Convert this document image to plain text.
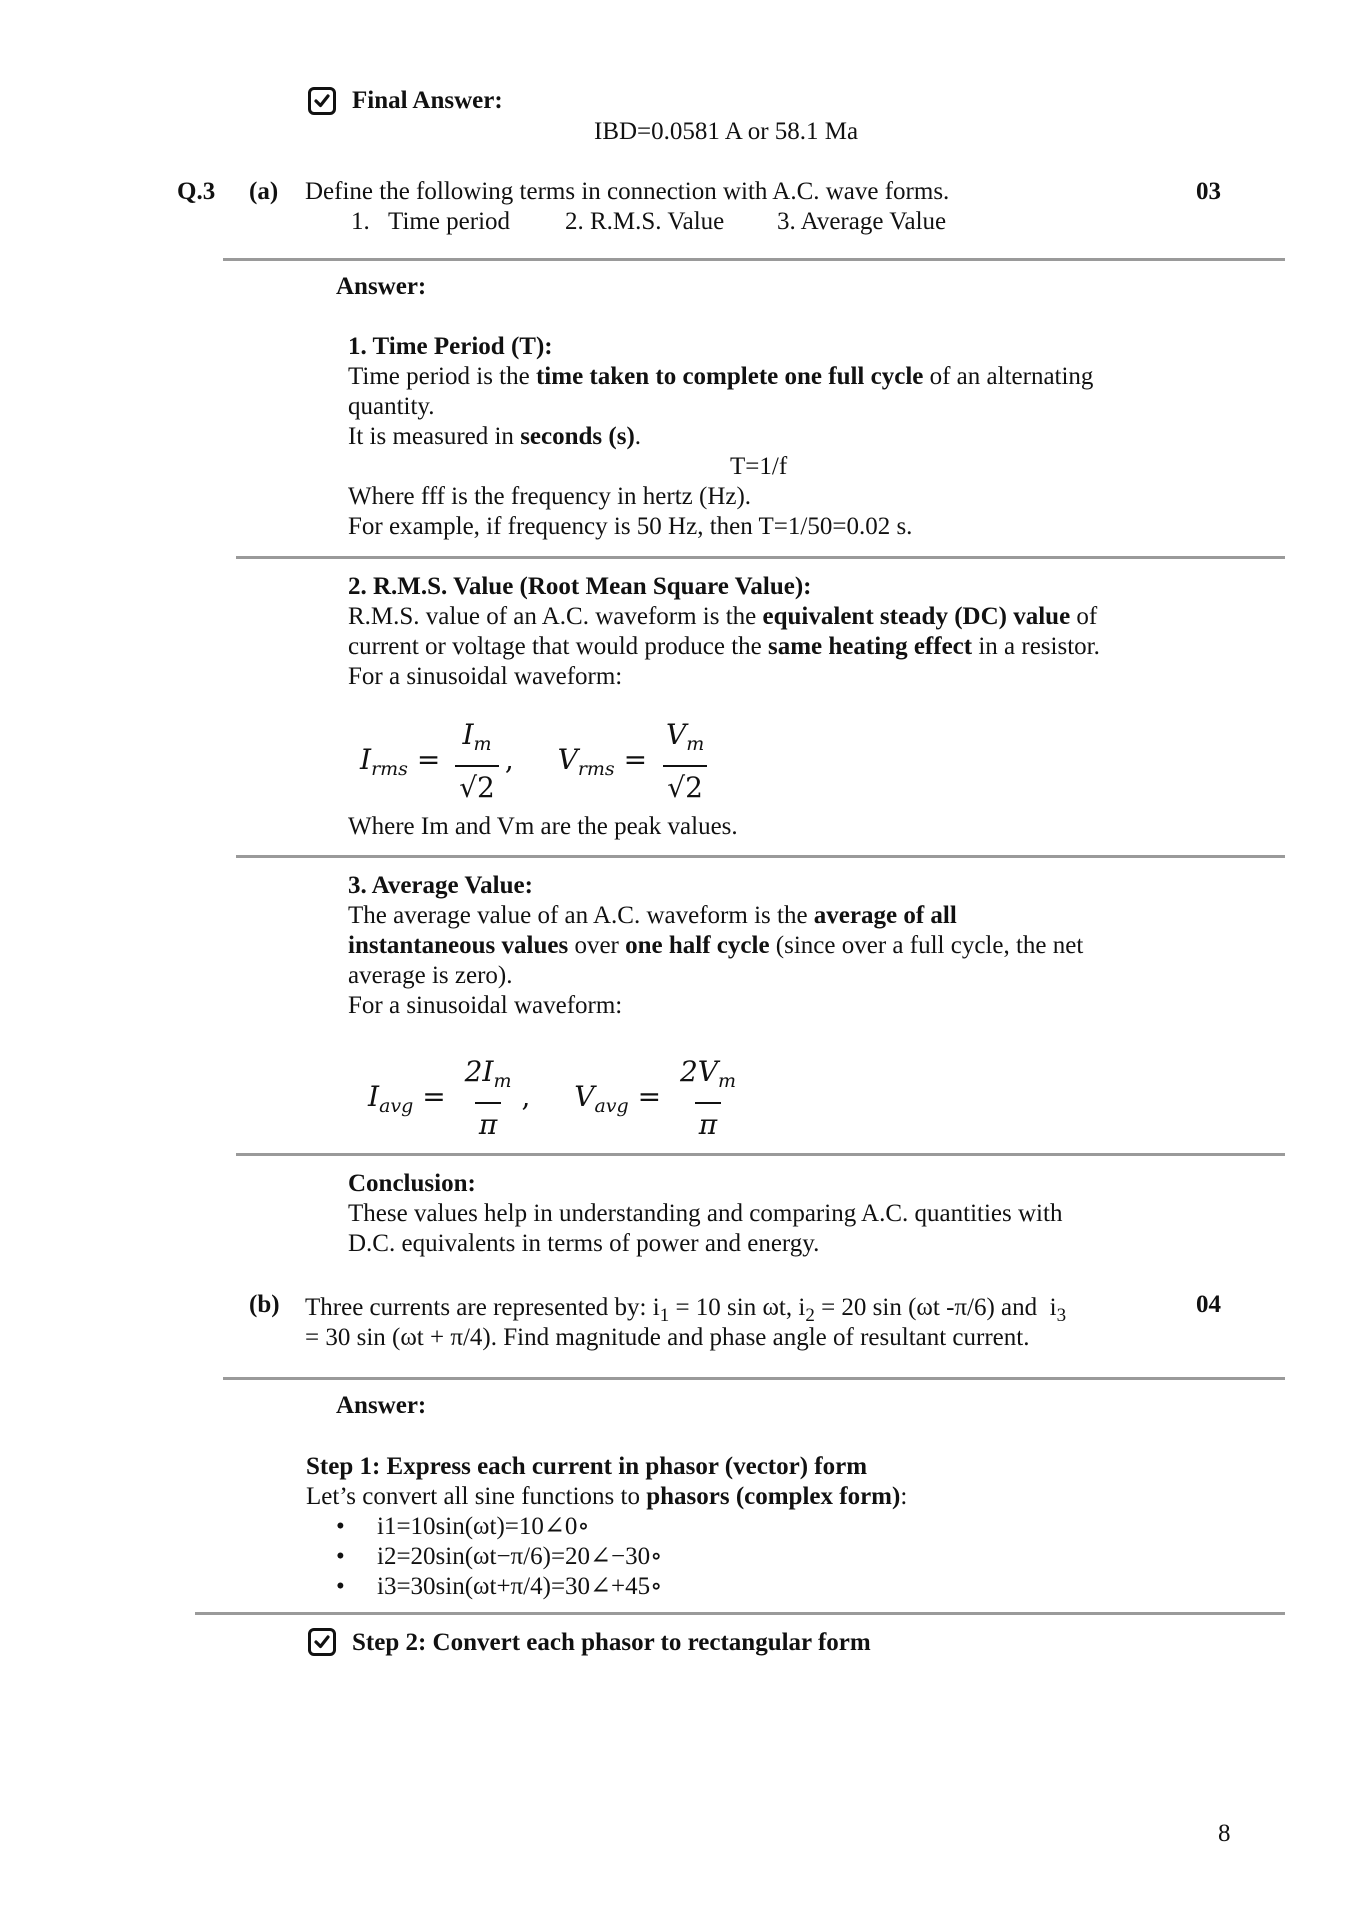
Final Answer:
IBD=0.0581 A or 58.1 Ma
Q.3 (a) Define the following terms in connection with A.C. wave forms.	03
1.   Time period 2. R.M.S. Value 3. Average Value
Answer:

1. Time Period (T):

Time period is the time taken to complete one full cycle of an alternating

quantity.

It is measured in seconds (s).

T=1/f

Where fff is the frequency in hertz (Hz).

For example, if frequency is 50 Hz, then T=1/50=0.02 s.

2. R.M.S. Value (Root Mean Square Value):

R.M.S. value of an A.C. waveform is the equivalent steady (DC) value of

current or voltage that would produce the same heating effect in a resistor.

For a sinusoidal waveform:

$I_{rms} = \frac{I_m}{√2}$ , $V_{rms} = \frac{V_m}{√2}$
Where Im and Vm are the peak values.

3. Average Value:

The average value of an A.C. waveform is the average of all

instantaneous values over one half cycle (since over a full cycle, the net

average is zero).

For a sinusoidal waveform:

$I_{avg} = \frac{2I_m}{\pi}$ , $V_{avg} = \frac{2V_m}{\pi}$

Conclusion:

These values help in understanding and comparing A.C. quantities with

D.C. equivalents in terms of power and energy.

(b)	04
Three currents are represented by: $i_1 = 10$ sin ωt, $i_2 = 20$ sin (ωt -π/6) and  $i_3$
= 30 sin (ωt + π/4). Find magnitude and phase angle of resultant current.
Answer:

Step 1: Express each current in phasor (vector) form

Let’s convert all sine functions to phasors (complex form):

• i1=10sin(ωt)=10∠0∘
• i2=20sin(ωt−π/6)=20∠−30∘
• i3=30sin(ωt+π/4)=30∠+45∘
Step 2: Convert each phasor to rectangular form
8
